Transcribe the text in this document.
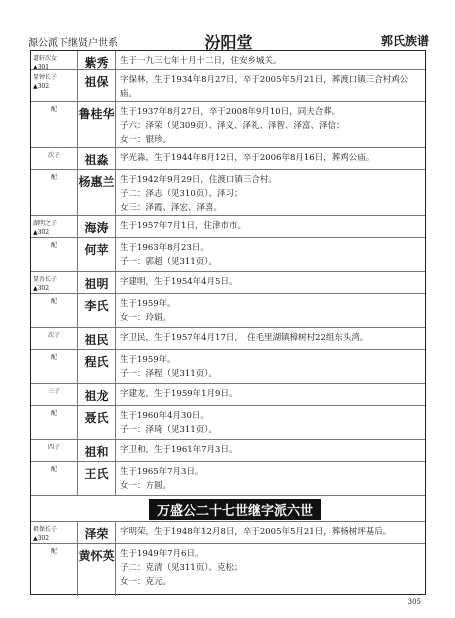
源公派下继贤户世系	汾阳堂	郭氏族谱
道轩次女
▲301	紫秀	生于一九三七年十月十二日，住安乡城关。
显钟长子
▲302	祖保	字保林，生于1934年8月27日，卒于2005年5月21日，葬渡口镇三合村鸡公庙。
配	鲁桂华 生于1937年8月27日，卒于2008年9月10日，同夫合葬。
子六：泽荣（见309页）、泽义、泽礼、泽智、泽富、泽信；
女一：银珍。
次子	祖淼	字光淼，生于1944年8月12日，卒于2006年8月16日，葬鸡公庙。
配	杨惠兰 生于1942年9月29日，住渡口镇三合村。
子二：泽志（见310页）、泽习；
女三：泽霞、泽宏、泽喜。
湖明之子
▲302	海涛	生于1957年7月1日，住津市市。
配	何苹	生于1963年8月23日。
子一：郭超（见311页）。
显吾长子
▲302	祖明	字建明，生于1954年4月5日。
配	李氏	生于1959年。
女一：玲娟。
次子	祖民	字卫民，生于1957年4月17日，　住毛里湖镇樟树村22组东头湾。
配	程氏	生于1959年。
子一：泽程（见311页）。
三子	祖龙	字建龙，生于1959年1月9日。
配	聂氏	生于1960年4月30日。
子一：泽琦（见311页）。
四子	祖和	字卫和，生于1961年7月3日。
配	王氏	生于1965年7月3日。
女一：方圆。
祖保长子
▲302	泽荣	字明荣，生于1948年12月8日，卒于2005年5月21日，葬杨树坪基后。
配	黄怀英 生于1949年7月6日。
子二：克清（见311页）、克松；
女一：克元。
万盛公二十七世继字派六世
305
